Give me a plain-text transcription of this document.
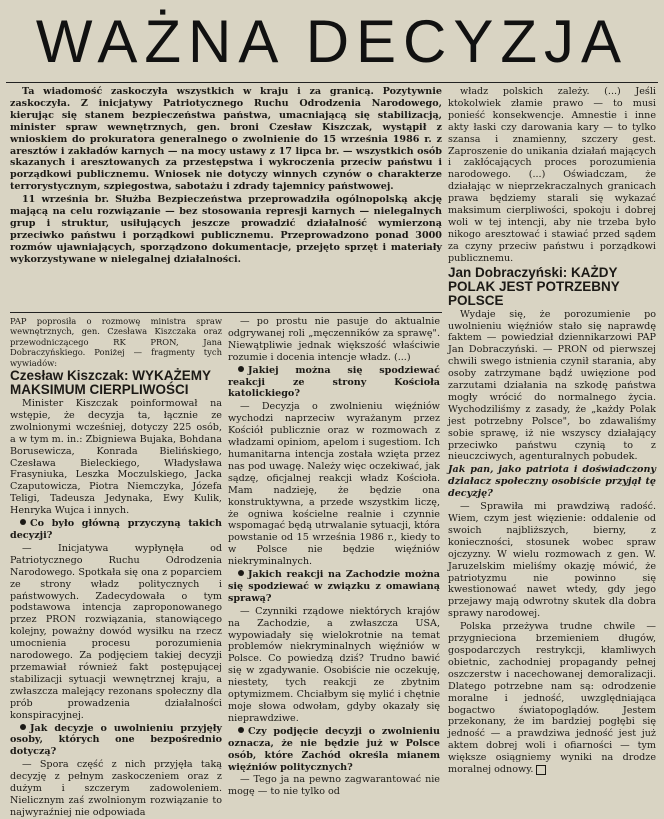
WAŻNA DECYZJA

Ta wiadomość zaskoczyła wszystkich w kraju i za granicą. Pozytywnie zaskoczyła. Z inicjatywy Patriotycznego Ruchu Odrodzenia Narodowego, kierując się stanem bezpieczeństwa państwa, umacniającą się stabilizacją, minister spraw wewnętrznych, gen. broni Czesław Kiszczak, wystąpił z wnioskiem do prokuratora generalnego o zwolnienie do 15 września 1986 r. z aresztów i zakładów karnych — na mocy ustawy z 17 lipca br. — wszystkich osób skazanych i aresztowanych za przestępstwa i wykroczenia przeciw państwu i porządkowi publicznemu. Wniosek nie dotyczy winnych czynów o charakterze terrorystycznym, szpiegostwa, sabotażu i zdrady tajemnicy państwowej.

11 września br. Służba Bezpieczeństwa przeprowadziła ogólnopolską akcję mającą na celu rozwiązanie — bez stosowania represji karnych — nielegalnych grup i struktur, usiłujących jeszcze prowadzić działalność wymierzoną przeciwko państwu i porządkowi publicznemu. Przeprowadzono ponad 3000 rozmów ujawniających, sporządzono dokumentacje, przejęto sprzęt i materiały wykorzystywane w nielegalnej działalności.

PAP poprosiła o rozmowę ministra spraw wewnętrznych, gen. Czesława Kiszczaka oraz przewodniczącego RK PRON, Jana Dobraczyńskiego. Poniżej — fragmenty tych wywiadów:

Czesław Kiszczak: WYKAŻEMY MAKSIMUM CIERPLIWOŚCI

Minister Kiszczak poinformował na wstępie, że decyzja ta, łącznie ze zwolnionymi wcześniej, dotyczy 225 osób, a w tym m. in.: Zbigniewa Bujaka, Bohdana Borusewicza, Konrada Bielińskiego, Czesława Bieleckiego, Władysława Frasyniuka, Leszka Moczulskiego, Jacka Czaputowicza, Piotra Niemczyka, Józefa Teligi, Tadeusza Jedynaka, Ewy Kulik, Henryka Wujca i innych.

Co było główną przyczyną takich decyzji?

— Inicjatywa wypłynęła od Patriotycznego Ruchu Odrodzenia Narodowego. Spotkała się ona z poparciem ze strony władz politycznych i państwowych. Zadecydowała o tym podstawowa intencja zaproponowanego przez PRON rozwiązania, stanowiącego kolejny, poważny dowód wysiłku na rzecz umocnienia procesu porozumienia narodowego. Za podjęciem takiej decyzji przemawiał również fakt postępującej stabilizacji sytuacji wewnętrznej kraju, a zwłaszcza malejący rezonans społeczny dla prób prowadzenia działalności konspiracyjnej.

Jak decyzje o uwolnieniu przyjęły osoby, których one bezpośrednio dotyczą?

— Spora część z nich przyjęła taką decyzję z pełnym zaskoczeniem oraz z dużym i szczerym zadowoleniem. Nielicznym zaś zwolnionym rozwiązanie to najwyraźniej nie odpowiada

— po prostu nie pasuje do aktualnie odgrywanej roli „męczenników za sprawę". Niewątpliwie jednak większość właściwie rozumie i docenia intencje władz. (...)

Jakiej można się spodziewać reakcji ze strony Kościoła katolickiego?

— Decyzja o zwolnieniu więźniów wychodzi naprzeciw wyrażanym przez Kościół publicznie oraz w rozmowach z władzami opiniom, apelom i sugestiom. Ich humanitarna intencja została wzięta przez nas pod uwagę. Należy więc oczekiwać, jak sądzę, oficjalnej reakcji władz Kościoła. Mam nadzieję, że będzie ona konstruktywna, a przede wszystkim liczę, że ogniwa kościelne realnie i czynnie wspomagać będą utrwalanie sytuacji, która powstanie od 15 września 1986 r., kiedy to w Polsce nie będzie więźniów niekryminalnych.

Jakich reakcji na Zachodzie można się spodziewać w związku z omawianą sprawą?

— Czynniki rządowe niektórych krajów na Zachodzie, a zwłaszcza USA, wypowiadały się wielokrotnie na temat problemów niekryminalnych więźniów w Polsce. Co powiedzą dziś? Trudno bawić się w zgadywanie. Osobiście nie oczekuję, niestety, tych reakcji ze zbytnim optymizmem. Chciałbym się mylić i chętnie moje słowa odwołam, gdyby okazały się nieprawdziwe.

Czy podjęcie decyzji o zwolnieniu oznacza, że nie będzie już w Polsce osób, które Zachód określa mianem więźniów politycznych?

— Tego ja na pewno zagwarantować nie mogę — to nie tylko od

władz polskich zależy. (...) Jeśli ktokolwiek złamie prawo — to musi ponieść konsekwencje. Amnestie i inne akty łaski czy darowania kary — to tylko szansa i znamienny, szczery gest. Zaproszenie do unikania działań mających i zakłócających proces porozumienia narodowego. (...) Oświadczam, że działając w nieprzekraczalnych granicach prawa będziemy starali się wykazać maksimum cierpliwości, spokoju i dobrej woli w tej intencji, aby nie trzeba było nikogo aresztować i stawiać przed sądem za czyny przeciw państwu i porządkowi publicznemu.

Jan Dobraczyński: KAŻDY POLAK JEST POTRZEBNY POLSCE

Wydaje się, że porozumienie po uwolnieniu więźniów stało się naprawdę faktem — powiedział dziennikarzowi PAP Jan Dobraczyński. — PRON od pierwszej chwili swego istnienia czynił starania, aby osoby zatrzymane bądź uwięzione pod zarzutami działania na szkodę państwa mogły wrócić do normalnego życia. Wychodziliśmy z zasady, że „każdy Polak jest potrzebny Polsce", bo zdawaliśmy sobie sprawę, iż nie wszyscy działający przeciwko państwu czynią to z nieuczciwych, agenturalnych pobudek.

Jak pan, jako patriota i doświadczony działacz społeczny osobiście przyjął tę decyzję?

— Sprawiła mi prawdziwą radość. Wiem, czym jest więzienie: oddalenie od swoich najbliższych, bierny, z konieczności, stosunek wobec spraw ojczyzny. W wielu rozmowach z gen. W. Jaruzelskim mieliśmy okazję mówić, że patriotyzmu nie powinno się kwestionować nawet wtedy, gdy jego przejawy mają odwrotny skutek dla dobra sprawy narodowej.

Polska przeżywa trudne chwile — przygnieciona brzemieniem długów, gospodarczych restrykcji, kłamliwych obietnic, zachodniej propagandy pełnej oszczerstw i nacechowanej demoralizacji. Dlatego potrzebne nam są: odrodzenie moralne i jedność, uwzględniająca bogactwo światopoglądów. Jestem przekonany, że im bardziej pogłębi się jedność — a prawdziwa jedność jest już aktem dobrej woli i ofiarności — tym większe osiągniemy wyniki na drodze moralnej odnowy.
